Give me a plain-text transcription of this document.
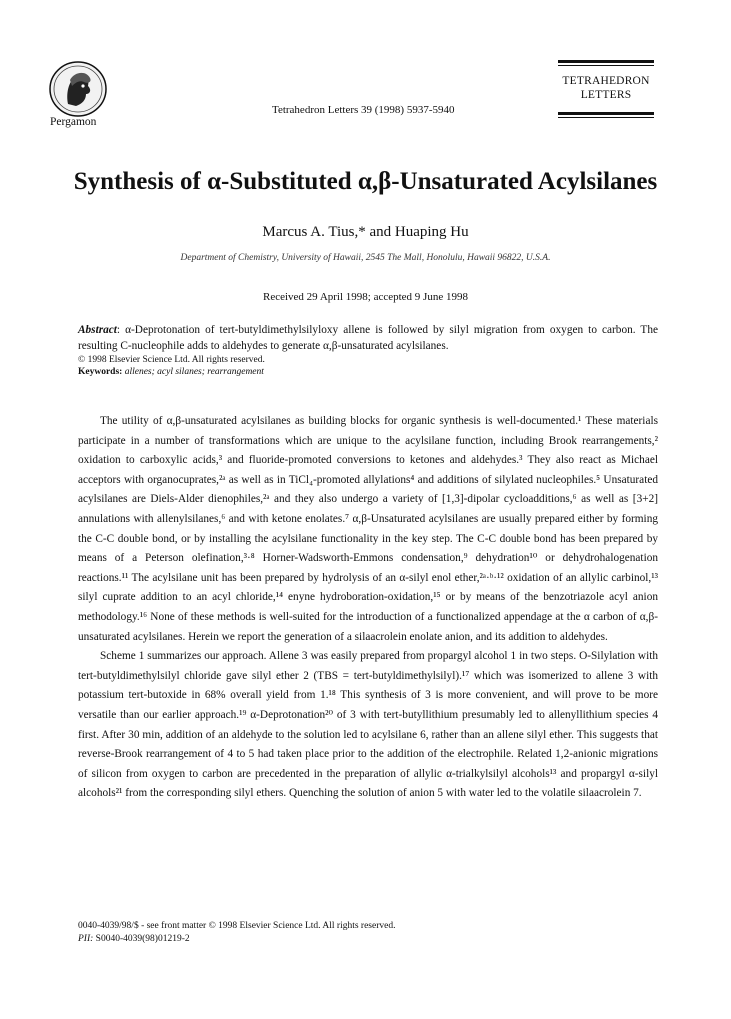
Pergamon
Tetrahedron Letters 39 (1998) 5937-5940
TETRAHEDRON
LETTERS
Synthesis of α-Substituted α,β-Unsaturated Acylsilanes
Marcus A. Tius,* and Huaping Hu
Department of Chemistry, University of Hawaii, 2545 The Mall, Honolulu, Hawaii 96822, U.S.A.
Received 29 April 1998; accepted 9 June 1998
Abstract: α-Deprotonation of tert-butyldimethylsilyloxy allene is followed by silyl migration from oxygen to carbon. The resulting C-nucleophile adds to aldehydes to generate α,β-unsaturated acylsilanes.
© 1998 Elsevier Science Ltd. All rights reserved.
Keywords: allenes; acyl silanes; rearrangement

The utility of α,β-unsaturated acylsilanes as building blocks for organic synthesis is well-documented.¹ These materials participate in a number of transformations which are unique to the acylsilane function, including Brook rearrangements,² oxidation to carboxylic acids,³ and fluoride-promoted conversions to ketones and aldehydes.³ They also react as Michael acceptors with organocuprates,²ᵃ as well as in TiCl₄-promoted allylations⁴ and additions of silylated nucleophiles.⁵ Unsaturated acylsilanes are Diels-Alder dienophiles,²ᵃ and they also undergo a variety of [1,3]-dipolar cycloadditions,⁶ as well as [3+2] annulations with allenylsilanes,⁶ and with ketone enolates.⁷ α,β-Unsaturated acylsilanes are usually prepared either by forming the C-C double bond, or by installing the acylsilane functionality in the key step. The C-C double bond has been prepared by means of a Peterson olefination,³·⁸ Horner-Wadsworth-Emmons condensation,⁹ dehydration¹⁰ or dehydrohalogenation reactions.¹¹ The acylsilane unit has been prepared by hydrolysis of an α-silyl enol ether,²ᵃ·ᵇ·¹² oxidation of an allylic carbinol,¹³ silyl cuprate addition to an acyl chloride,¹⁴ enyne hydroboration-oxidation,¹⁵ or by means of the benzotriazole acyl anion methodology.¹⁶ None of these methods is well-suited for the introduction of a functionalized appendage at the α carbon of α,β-unsaturated acylsilanes. Herein we report the generation of a silaacrolein enolate anion, and its addition to aldehydes.

Scheme 1 summarizes our approach. Allene 3 was easily prepared from propargyl alcohol 1 in two steps. O-Silylation with tert-butyldimethylsilyl chloride gave silyl ether 2 (TBS = tert-butyldimethylsilyl).¹⁷ which was isomerized to allene 3 with potassium tert-butoxide in 68% overall yield from 1.¹⁸ This synthesis of 3 is more convenient, and will prove to be more versatile than our earlier approach.¹⁹ α-Deprotonation²⁰ of 3 with tert-butyllithium presumably led to allenyllithium species 4 first. After 30 min, addition of an aldehyde to the solution led to acylsilane 6, rather than an allene silyl ether. This suggests that reverse-Brook rearrangement of 4 to 5 had taken place prior to the addition of the electrophile. Related 1,2-anionic migrations of silicon from oxygen to carbon are precedented in the preparation of allylic α-trialkylsilyl alcohols¹³ and propargyl α-silyl alcohols²¹ from the corresponding silyl ethers. Quenching the solution of anion 5 with water led to the volatile silaacrolein 7.

0040-4039/98/$ - see front matter © 1998 Elsevier Science Ltd. All rights reserved.
PII: S0040-4039(98)01219-2
